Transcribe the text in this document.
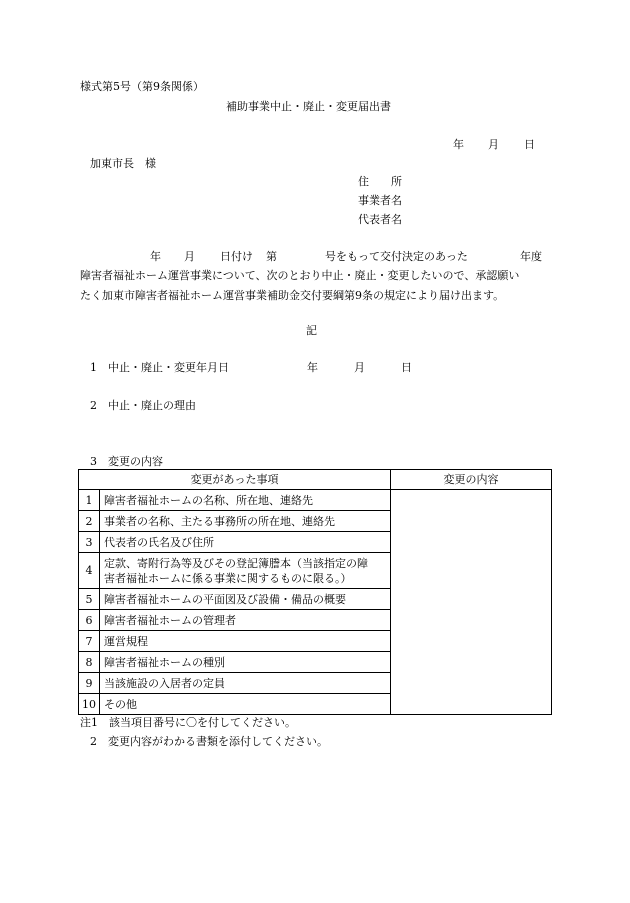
様式第5号（第9条関係）
補助事業中止・廃止・変更届出書
年 月 日
加東市長　様
住　　所
事業者名
代表者名
年 月 日付け 第	号をもって交付決定のあった	年度

障害者福祉ホーム運営事業について、次のとおり中止・廃止・変更したいので、承認願い

たく加東市障害者福祉ホーム運営事業補助金交付要綱第9条の規定により届け出ます。

記
1　中止・廃止・変更年月日	年	月	日
2　中止・廃止の理由
3　変更の内容
変更があった事項		変更の内容
1	障害者福祉ホームの名称、所在地、連絡先	
2	事業者の名称、主たる事務所の所在地、連絡先	
3	代表者の氏名及び住所	
4	定款、寄附行為等及びその登記簿謄本（当該指定の障
害者福祉ホームに係る事業に関するものに限る。）	
5	障害者福祉ホームの平面図及び設備・備品の概要	
6	障害者福祉ホームの管理者	
7	運営規程	
8	障害者福祉ホームの種別	
9	当該施設の入居者の定員	
10	その他	
注1　該当項目番号に〇を付してください。
2　変更内容がわかる書類を添付してください。
